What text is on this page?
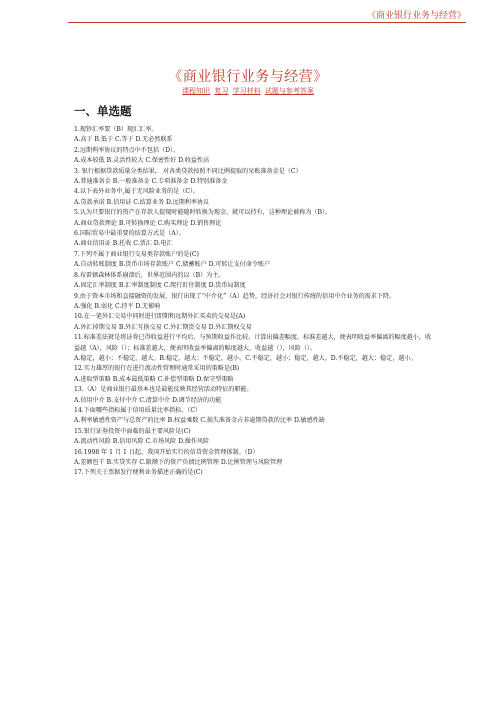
《商业银行业务与经营》
《商业银行业务与经营》
课程知识 复习 学习材料 试题与参考答案
一、单选题

1.现钞汇率要（B）现汇汇率。

A.高于 B.低于 C.等于 D.无必然联系

2.远期利率协议的特点中不包括（D）。

A.成本较低 B.灵活性较大 C.保密性好 D.收益性高

3. 银行根据贷款质量分类结果， 对各类贷款按照不同比例提取的呆账准备金是（C）

A.普通准备金 B.一般准备金 C.专项准备金 D.特别准备金

4.以下表外业务中,属于无风险业务的是（C）。

A.贷款承诺 B.信用证 C.结算业务 D.远期利率协议

5.认为只要银行的资产在存款人提现时能随时转换为现金，就可以持有，这种理论被称为（B）。

A.商业贷款理论 B.可转换理论 C.购买理论 D.销售理论

6.国际贸易中最重要的结算方式是（A）。

A.商业信用证 B.托收 C.票汇 D.电汇

7.下列不属于商业银行交易类存款账户的是(C)

A.自动转账制度 B.货币市场存款账户 C.储蓄账户 D.可转让支付命令账户

8.布雷顿森林体系崩溃后，世界范围内的以（B）为主。

A.固定汇率制度 B.汇率制度制度 C.爬行盯住制度 D.货币局制度

9.由于资本市场和直接融资的发展，银行出现了“中介化”（A）趋势，经济社会对银行传统的信用中介业务的需求下降。

A.强化 B.弱化 C.持平 D.无影响

10.在一笔外汇交易中同时进行即期和远期外汇买卖的交易是(A)

A.外汇掉期交易 B.外汇互换交易 C.外汇期货交易 D.外汇期权交易

11.标准差法就是将证券已得收益进行平均后，与预期收益作比较，计算出偏差幅度。标准差越大，便表明收益率偏离的幅度越小，收益越（A），风险（）；标准差越大，便表明收益率偏离的幅度越大，收益越（），风险（）。

A.稳定，越小；不稳定，越大。B.稳定，越大；不稳定，越小。C.不稳定，越小；稳定，越大。D.不稳定，越大；稳定，越小。

12.实力雄厚的银行在进行流动性管理时通常采用的策略是(B)

A.进取型策略 B.成本最低策略 C.补偿型策略 D.保守型策略

13.（A）是商业银行最基本也是最能反映其经营活动特征的职能。

A.信用中介 B.支付中介 C.清算中介 D.调节经济的功能

14.下面哪些指标属于信用质量比率指标。（C）

A.利率敏感性资产与总资产的比率 B.权益乘数 C.损失准备金占非逾期贷款的比率 D.敏感性缺

15.银行证券投资中面临的最主要风险是(C)

A.流动性风险 B.信用风险 C.市场风险 D.操作风险

16.1998 年 1 月 1 日起，我国开始实行的信贷资金管理体制。（D）

A.差额包干 B.实贷实存 C.限额下的资产负债比例管理 D.比例管理与风险管理

17.下列关于票据发行便利业务描述正确的是(C)
